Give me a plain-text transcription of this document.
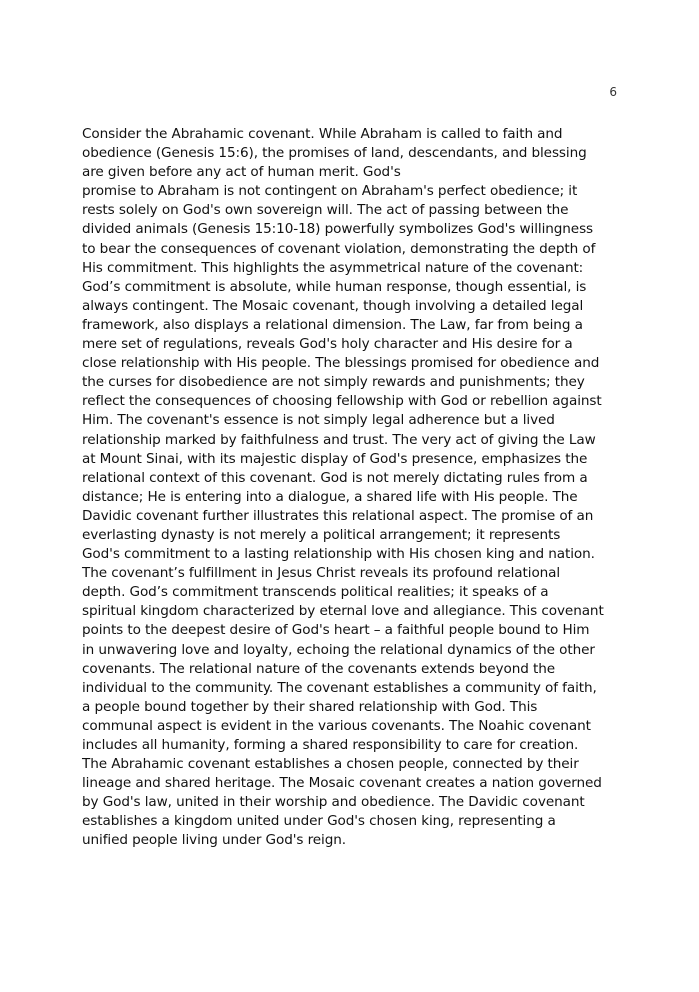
6
Consider the Abrahamic covenant. While Abraham is called to faith and
obedience (Genesis 15:6), the promises of land, descendants, and blessing
are given before any act of human merit. God's
promise to Abraham is not contingent on Abraham's perfect obedience; it
rests solely on God's own sovereign will. The act of passing between the
divided animals (Genesis 15:10-18) powerfully symbolizes God's willingness
to bear the consequences of covenant violation, demonstrating the depth of
His commitment. This highlights the asymmetrical nature of the covenant:
God’s commitment is absolute, while human response, though essential, is
always contingent. The Mosaic covenant, though involving a detailed legal
framework, also displays a relational dimension. The Law, far from being a
mere set of regulations, reveals God's holy character and His desire for a
close relationship with His people. The blessings promised for obedience and
the curses for disobedience are not simply rewards and punishments; they
reflect the consequences of choosing fellowship with God or rebellion against
Him. The covenant's essence is not simply legal adherence but a lived
relationship marked by faithfulness and trust. The very act of giving the Law
at Mount Sinai, with its majestic display of God's presence, emphasizes the
relational context of this covenant. God is not merely dictating rules from a
distance; He is entering into a dialogue, a shared life with His people. The
Davidic covenant further illustrates this relational aspect. The promise of an
everlasting dynasty is not merely a political arrangement; it represents
God's commitment to a lasting relationship with His chosen king and nation.
The covenant’s fulfillment in Jesus Christ reveals its profound relational
depth. God’s commitment transcends political realities; it speaks of a
spiritual kingdom characterized by eternal love and allegiance. This covenant
points to the deepest desire of God's heart – a faithful people bound to Him
in unwavering love and loyalty, echoing the relational dynamics of the other
covenants. The relational nature of the covenants extends beyond the
individual to the community. The covenant establishes a community of faith,
a people bound together by their shared relationship with God. This
communal aspect is evident in the various covenants. The Noahic covenant
includes all humanity, forming a shared responsibility to care for creation.
The Abrahamic covenant establishes a chosen people, connected by their
lineage and shared heritage. The Mosaic covenant creates a nation governed
by God's law, united in their worship and obedience. The Davidic covenant
establishes a kingdom united under God's chosen king, representing a
unified people living under God's reign.
